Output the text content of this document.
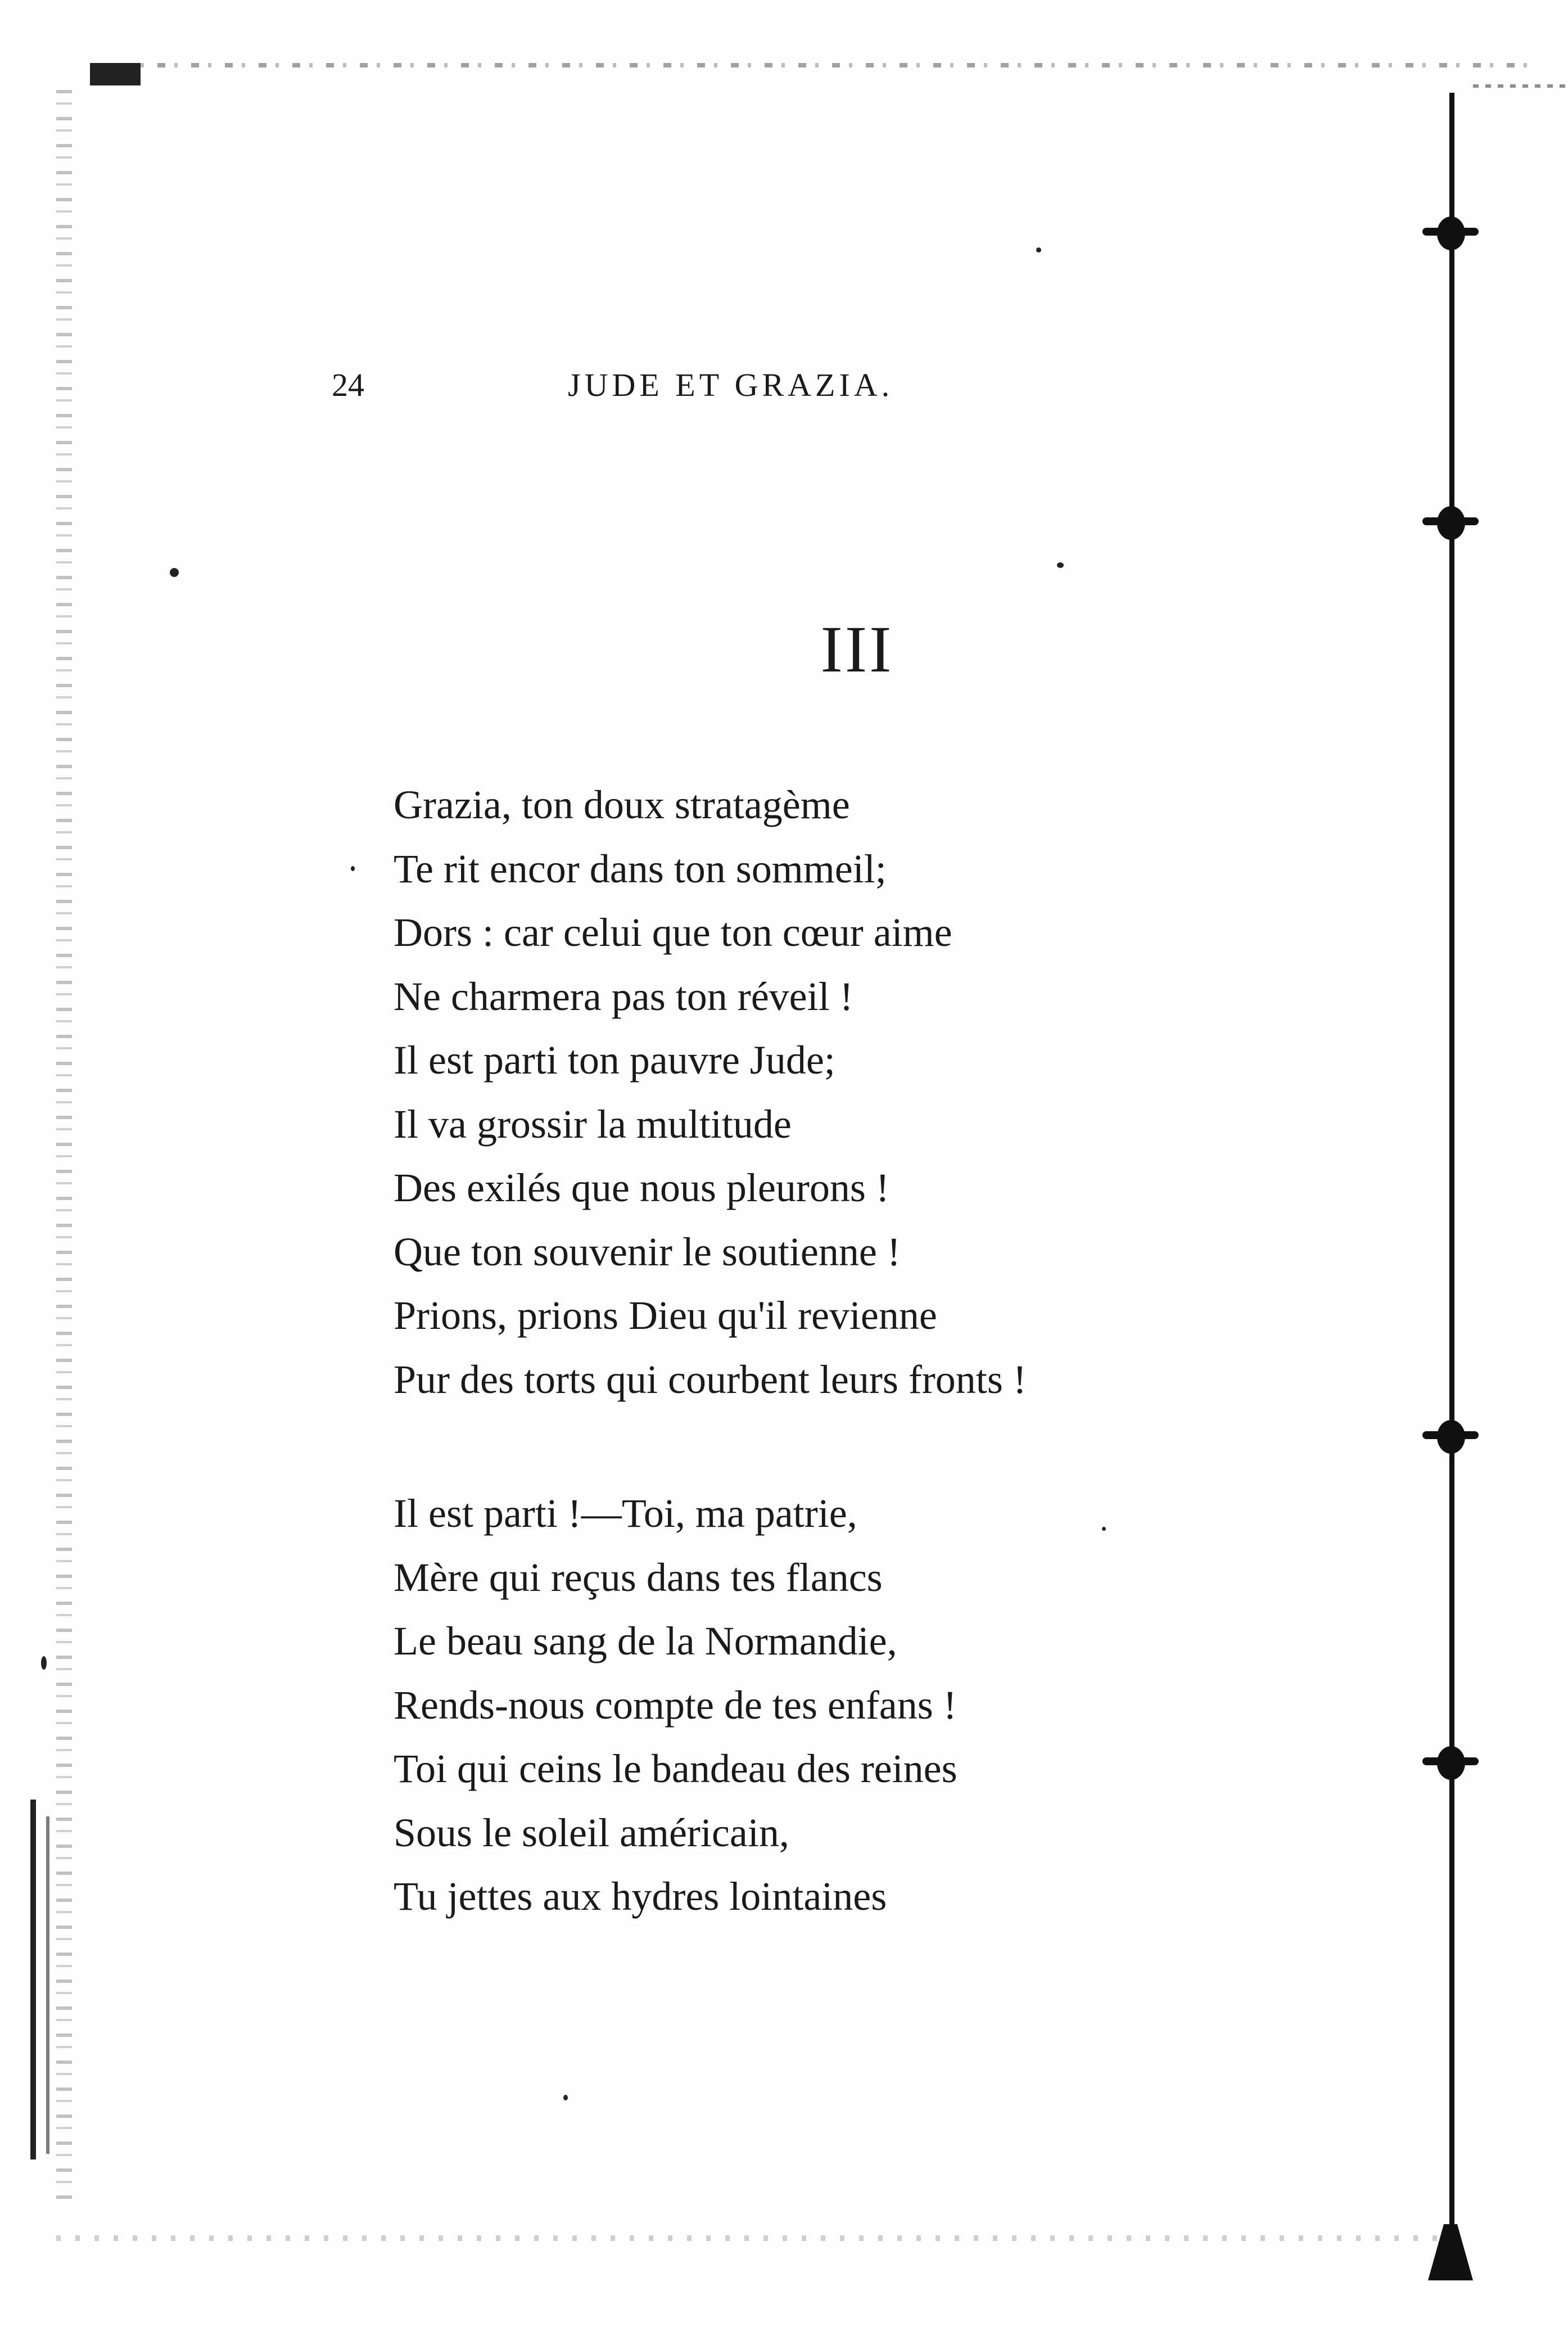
24	JUDE ET GRAZIA.
III
Grazia, ton doux stratagème
Te rit encor dans ton sommeil;
Dors : car celui que ton cœur aime
Ne charmera pas ton réveil !
Il est parti ton pauvre Jude;
Il va grossir la multitude
Des exilés que nous pleurons !
Que ton souvenir le soutienne !
Prions, prions Dieu qu'il revienne
Pur des torts qui courbent leurs fronts !
Il est parti !—Toi, ma patrie,
Mère qui reçus dans tes flancs
Le beau sang de la Normandie,
Rends-nous compte de tes enfans !
Toi qui ceins le bandeau des reines
Sous le soleil américain,
Tu jettes aux hydres lointaines
